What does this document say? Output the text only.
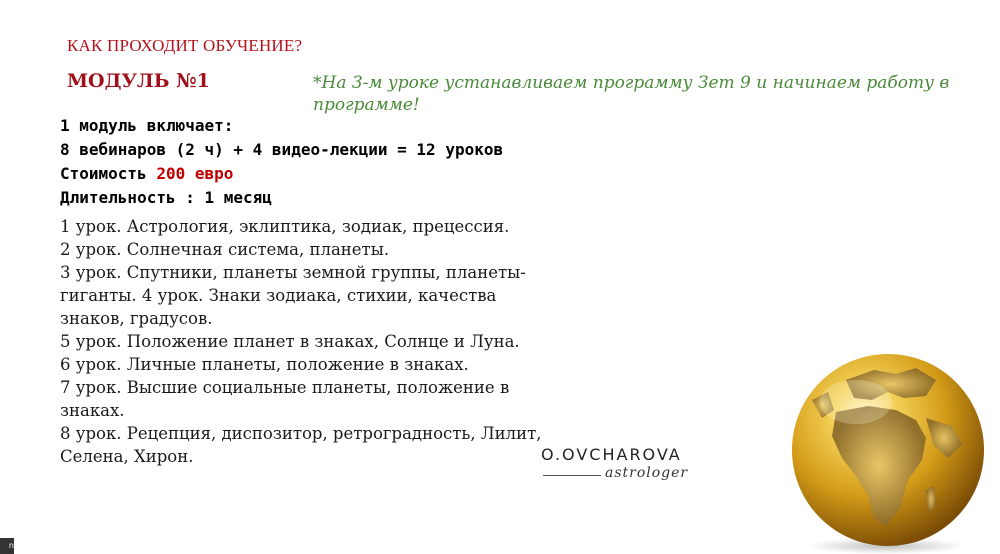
КАК ПРОХОДИТ ОБУЧЕНИЕ?
МОДУЛЬ №1	*На 3-м уроке устанавливаем программу Зет 9 и начинаем работу в программе!
1 модуль включает:
8 вебинаров (2 ч) + 4 видео-лекции = 12 уроков
Стоимость 200 евро
Длительность : 1 месяц
1 урок. Астрология, эклиптика, зодиак, прецессия.
2 урок. Солнечная система, планеты.
3 урок. Спутники, планеты земной группы, планеты-гиганты. 4 урок. Знаки зодиака, стихии, качества знаков, градусов.
5 урок. Положение планет в знаках, Солнце и Луна.
6 урок. Личные планеты, положение в знаках.
7 урок. Высшие социальные планеты, положение в знаках.
8 урок. Рецепция, диспозитор, ретроградность, Лилит, Селена, Хирон.	O.OVCHAROVA
astrologer
n
